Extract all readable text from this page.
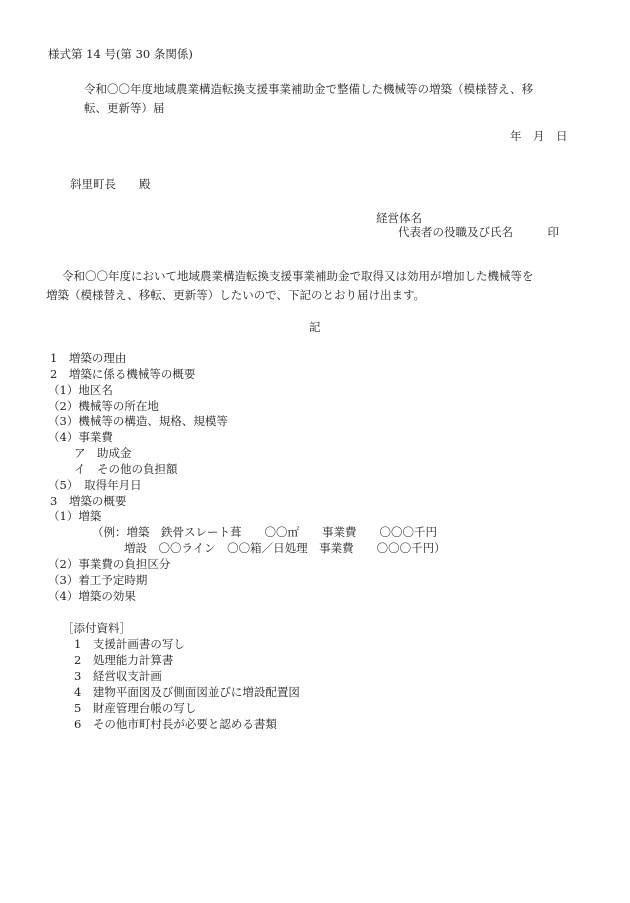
様式第 14 号(第 30 条関係)
令和〇〇年度地域農業構造転換支援事業補助金で整備した機械等の増築（模様替え、移
転、更新等）届
年　月　日
斜里町長　　殿
経営体名
代表者の役職及び氏名　　　印
令和〇〇年度において地域農業構造転換支援事業補助金で取得又は効用が増加した機械等を
増築（模様替え、移転、更新等）したいので、下記のとおり届け出ます。
記
1　増築の理由
2　増築に係る機械等の概要
（1）地区名
（2）機械等の所在地
（3）機械等の構造、規格、規模等
（4）事業費
ア　助成金
イ　その他の負担額
（5）　取得年月日
3　増築の概要
（1）増築
（例：増築　鉄骨スレート葺　　〇〇㎡　　事業費　　〇〇〇千円
増設　〇〇ライン　〇〇箱／日処理　事業費　　〇〇〇千円）
（2）事業費の負担区分
（3）着工予定時期
（4）増築の効果
［添付資料］
1　支援計画書の写し
2　処理能力計算書
3　経営収支計画
4　建物平面図及び側面図並びに増設配置図
5　財産管理台帳の写し
6　その他市町村長が必要と認める書類
